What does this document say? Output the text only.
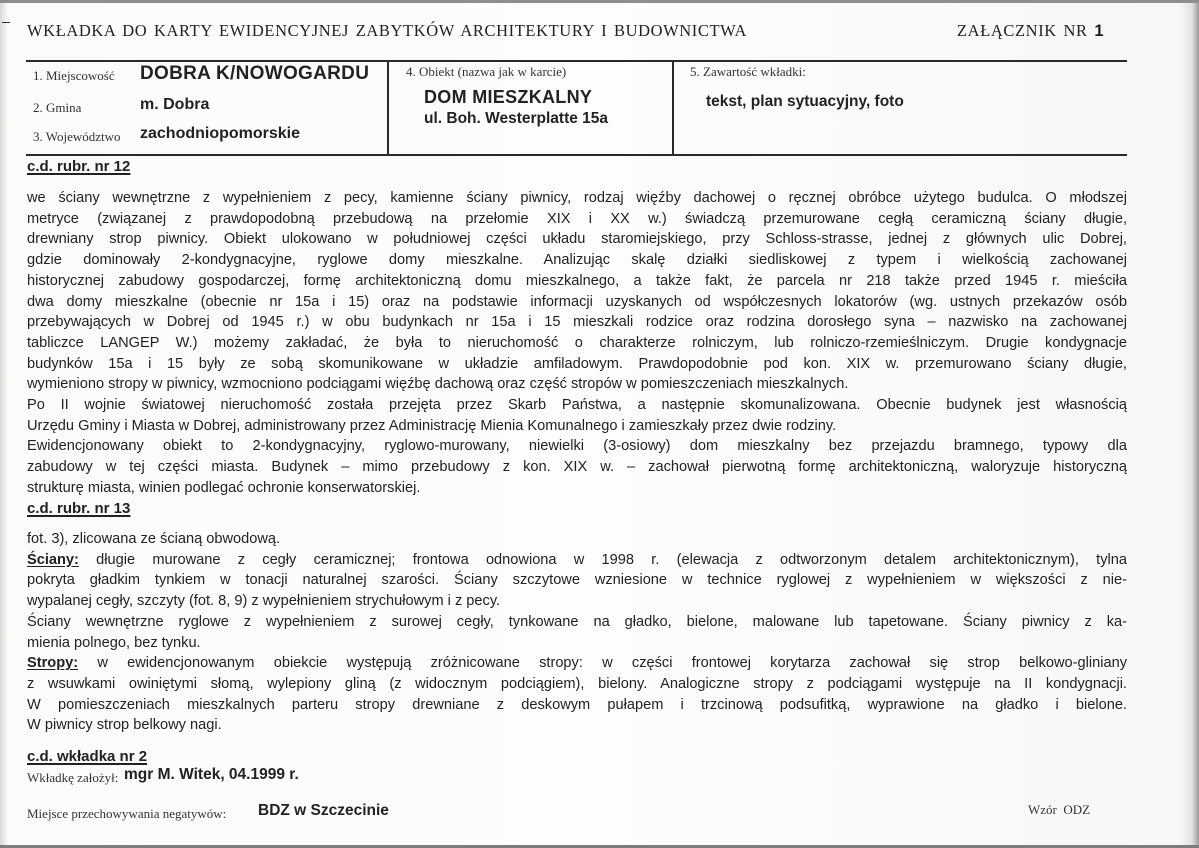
WKŁADKA DO KARTY EWIDENCYJNEJ ZABYTKÓW ARCHITEKTURY I BUDOWNICTWA	ZAŁĄCZNIK NR 1
1. Miejscowość DOBRA K/NOWOGARDU
2. Gmina	m. Dobra
3. Województwo zachodniopomorskie
4. Obiekt (nazwa jak w karcie)
DOM MIESZKALNY
ul. Boh. Westerplatte 15a
5. Zawartość wkładki:
tekst, plan sytuacyjny, foto
c.d. rubr. nr 12
we ściany wewnętrzne z wypełnieniem z pecy, kamienne ściany piwnicy, rodzaj więźby dachowej o ręcznej obróbce użytego budulca. O młodszej
metryce (związanej z prawdopodobną przebudową na przełomie XIX i XX w.) świadczą przemurowane cegłą ceramiczną ściany długie,
drewniany strop piwnicy. Obiekt ulokowano w południowej części układu staromiejskiego, przy Schloss-strasse, jednej z głównych ulic Dobrej,
gdzie dominowały 2-kondygnacyjne, ryglowe domy mieszkalne. Analizując skalę działki siedliskowej z typem i wielkością zachowanej
historycznej zabudowy gospodarczej, formę architektoniczną domu mieszkalnego, a także fakt, że parcela nr 218 także przed 1945 r. mieściła
dwa domy mieszkalne (obecnie nr 15a i 15) oraz na podstawie informacji uzyskanych od współczesnych lokatorów (wg. ustnych przekazów osób
przebywających w Dobrej od 1945 r.) w obu budynkach nr 15a i 15 mieszkali rodzice oraz rodzina dorosłego syna – nazwisko na zachowanej
tabliczce LANGEP W.) możemy zakładać, że była to nieruchomość o charakterze rolniczym, lub rolniczo-rzemieślniczym. Drugie kondygnacje
budynków 15a i 15 były ze sobą skomunikowane w układzie amfiladowym. Prawdopodobnie pod kon. XIX w. przemurowano ściany długie,
wymieniono stropy w piwnicy, wzmocniono podciągami więźbę dachową oraz część stropów w pomieszczeniach mieszkalnych.
Po II wojnie światowej nieruchomość została przejęta przez Skarb Państwa, a następnie skomunalizowana. Obecnie budynek jest własnością
Urzędu Gminy i Miasta w Dobrej, administrowany przez Administrację Mienia Komunalnego i zamieszkały przez dwie rodziny.
Ewidencjonowany obiekt to 2-kondygnacyjny, ryglowo-murowany, niewielki (3-osiowy) dom mieszkalny bez przejazdu bramnego, typowy dla
zabudowy w tej części miasta. Budynek – mimo przebudowy z kon. XIX w. – zachował pierwotną formę architektoniczną, waloryzuje historyczną
strukturę miasta, winien podlegać ochronie konserwatorskiej.
c.d. rubr. nr 13
fot. 3), zlicowana ze ścianą obwodową.
Ściany: długie murowane z cegły ceramicznej; frontowa odnowiona w 1998 r. (elewacja z odtworzonym detalem architektonicznym), tylna
pokryta gładkim tynkiem w tonacji naturalnej szarości. Ściany szczytowe wzniesione w technice ryglowej z wypełnieniem w większości z nie-
wypalanej cegły, szczyty (fot. 8, 9) z wypełnieniem strychułowym i z pecy.
Ściany wewnętrzne ryglowe z wypełnieniem z surowej cegły, tynkowane na gładko, bielone, malowane lub tapetowane. Ściany piwnicy z ka-
mienia polnego, bez tynku.
Stropy: w ewidencjonowanym obiekcie występują zróżnicowane stropy: w części frontowej korytarza zachował się strop belkowo-gliniany
z wsuwkami owiniętymi słomą, wylepiony gliną (z widocznym podciągiem), bielony. Analogiczne stropy z podciągami występuje na II kondygnacji.
W pomieszczeniach mieszkalnych parteru stropy drewniane z deskowym pułapem i trzcinową podsufitką, wyprawione na gładko i bielone.
W piwnicy strop belkowy nagi.
c.d. wkładka nr 2
Wkładkę założył: mgr M. Witek, 04.1999 r.
Miejsce przechowywania negatywów: BDZ w Szczecinie	Wzór  ODZ
